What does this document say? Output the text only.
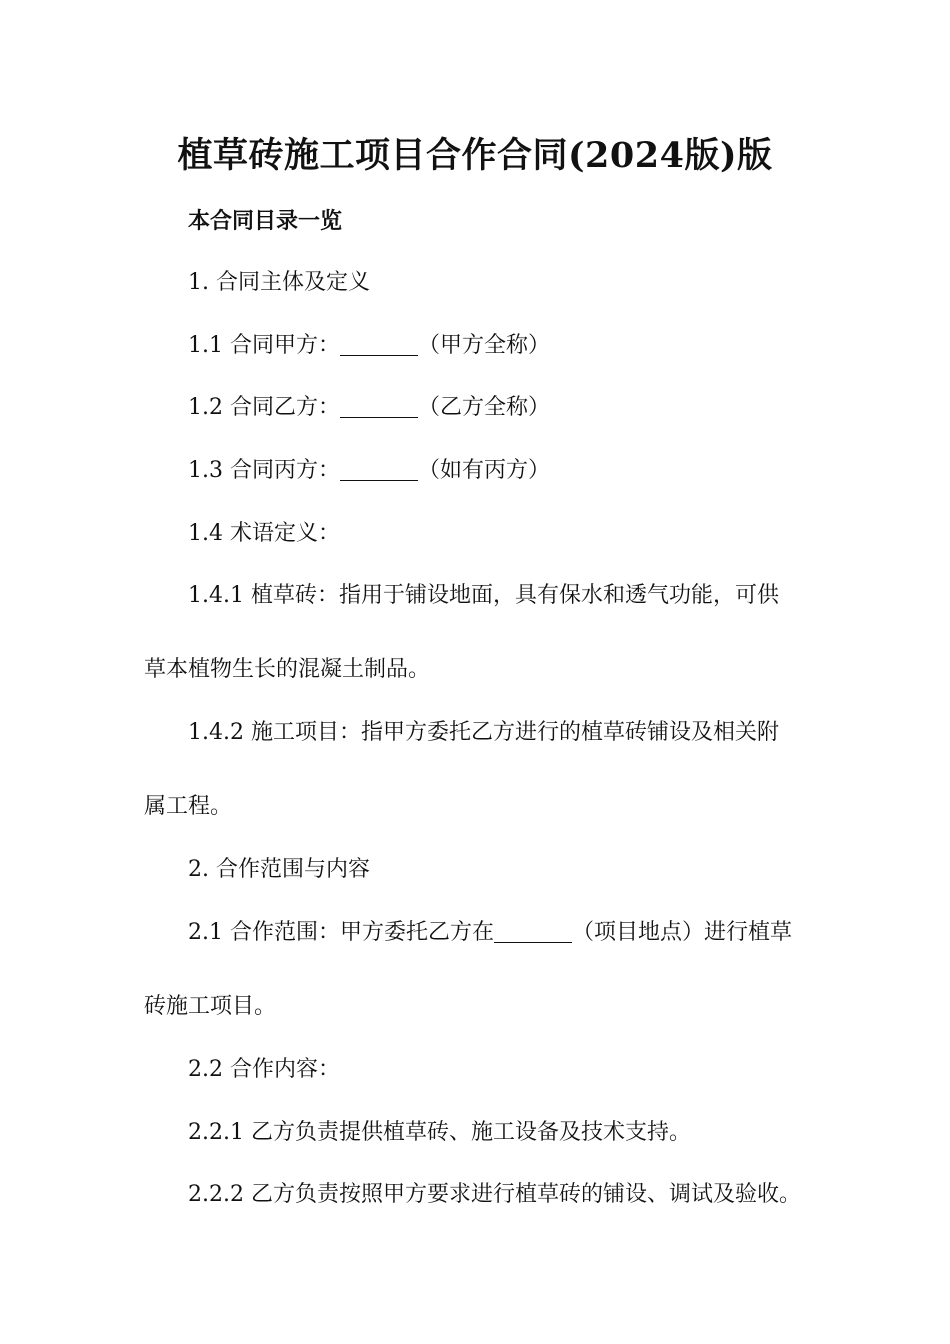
植草砖施工项目合作合同(2024版)版
本合同目录一览
1. 合同主体及定义
1.1 合同甲方：	（甲方全称）
1.2 合同乙方：	（乙方全称）
1.3 合同丙方：	（如有丙方）
1.4 术语定义：
1.4.1 植草砖：指用于铺设地面，具有保水和透气功能，可供
草本植物生长的混凝土制品。
1.4.2 施工项目：指甲方委托乙方进行的植草砖铺设及相关附
属工程。
2. 合作范围与内容
2.1 合作范围：甲方委托乙方在	（项目地点）进行植草
砖施工项目。
2.2 合作内容：
2.2.1 乙方负责提供植草砖、施工设备及技术支持。
2.2.2 乙方负责按照甲方要求进行植草砖的铺设、调试及验收。
